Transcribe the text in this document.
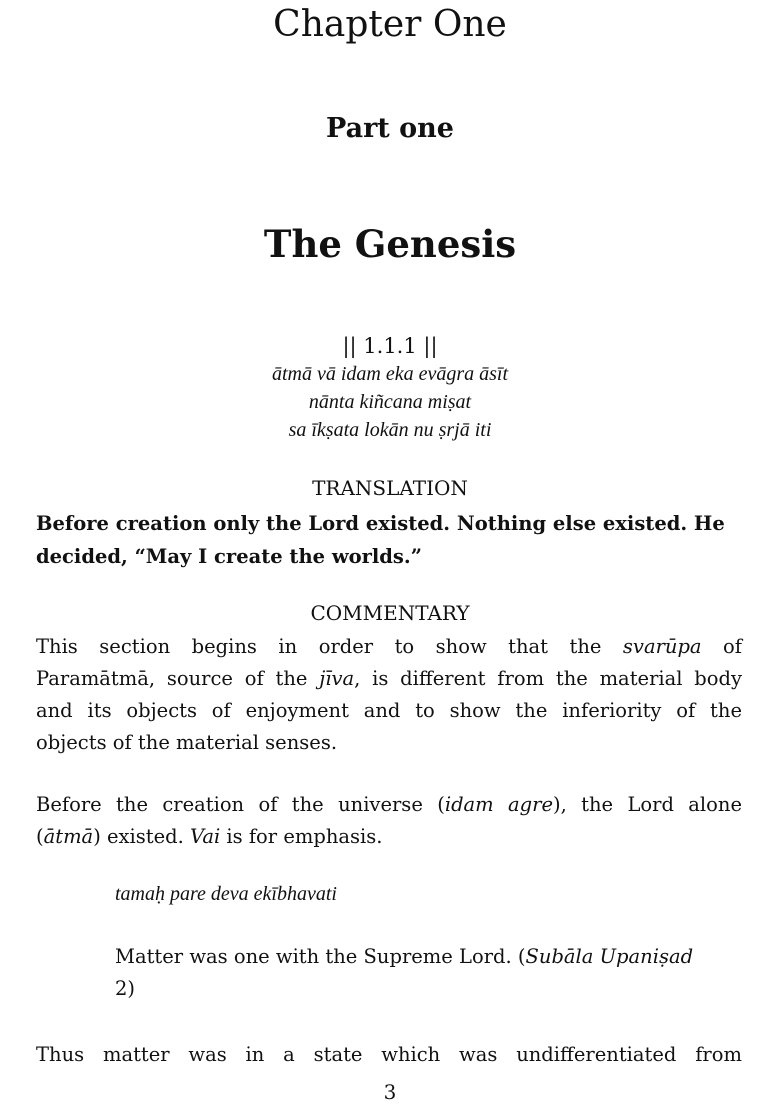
Chapter One
Part one
The Genesis
|| 1.1.1 ||
ātmā vā idam eka evāgra āsīt
nānta kiñcana miṣat
sa īkṣata lokān nu ṣrjā iti
TRANSLATION

Before creation only the Lord existed. Nothing else existed. He
decided, “May I create the worlds.”

COMMENTARY

This section begins in order to show that the svarūpa of
Paramātmā, source of the jīva, is different from the material body
and its objects of enjoyment and to show the inferiority of the
objects of the material senses.

Before the creation of the universe (idam agre), the Lord alone
(ātmā) existed. Vai is for emphasis.

tamaḥ pare deva ekībhavati

Matter was one with the Supreme Lord. (Subāla Upaniṣad
2)

Thus matter was in a state which was undifferentiated from

3
